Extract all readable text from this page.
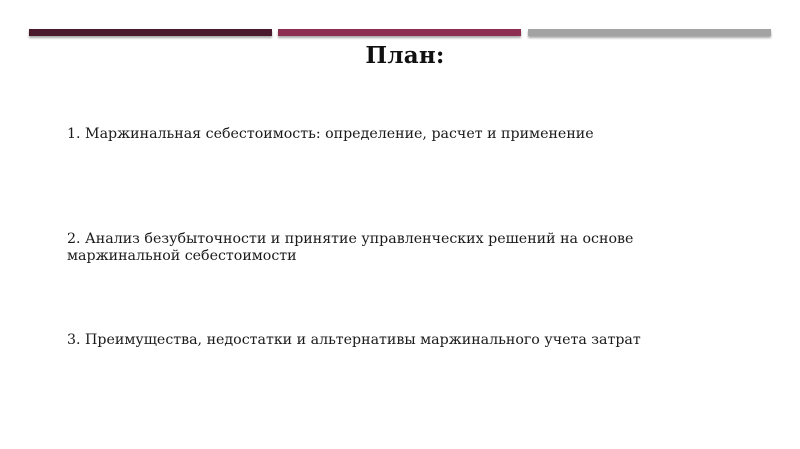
План:
1. Маржинальная себестоимость: определение, расчет и применение
2. Анализ безубыточности и принятие управленческих решений на основе маржинальной себестоимости
3. Преимущества, недостатки и альтернативы маржинального учета затрат
